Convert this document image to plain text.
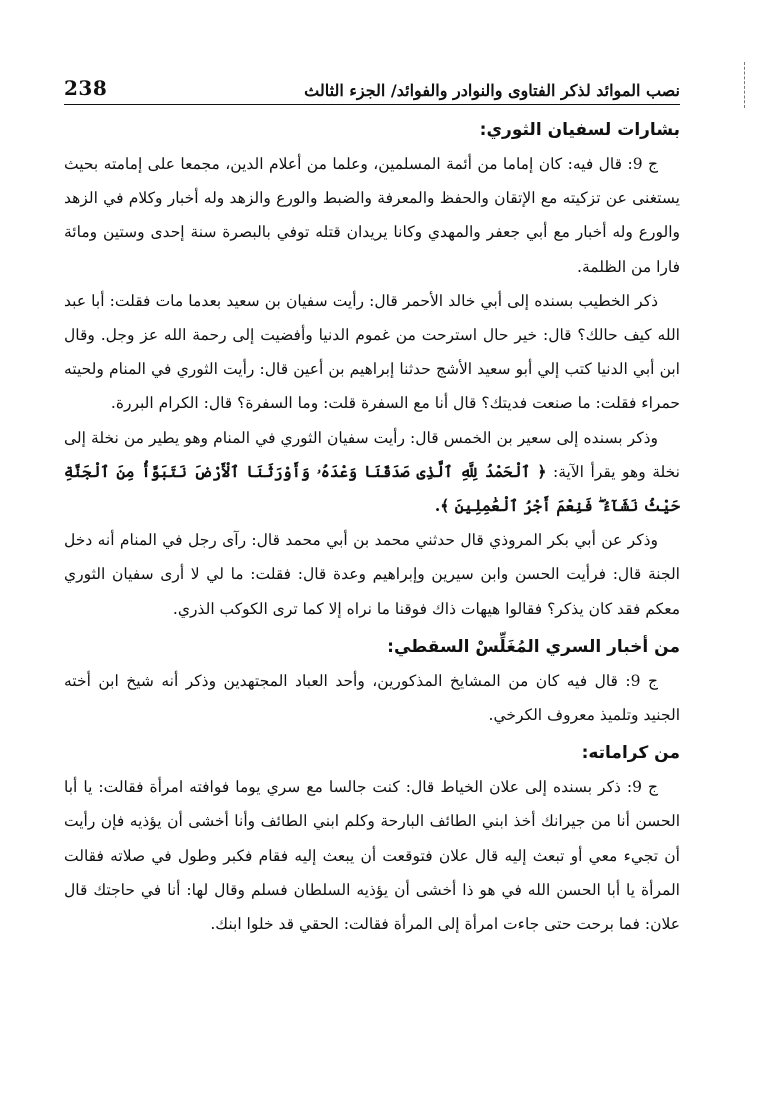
نصب الموائد لذكر الفتاوى والنوادر والفوائد/ الجزء الثالث
238
بشارات لسفيان الثوري:

ج 9: قال فيه: كان إماما من أئمة المسلمين، وعلما من أعلام الدين، مجمعا على إمامته بحيث يستغنى عن تزكيته مع الإتقان والحفظ والمعرفة والضبط والورع والزهد وله أخبار وكلام في الزهد والورع وله أخبار مع أبي جعفر والمهدي وكانا يريدان قتله توفي بالبصرة سنة إحدى وستين ومائة فارا من الظلمة.

ذكر الخطيب بسنده إلى أبي خالد الأحمر قال: رأيت سفيان بن سعيد بعدما مات فقلت: أبا عبد الله كيف حالك؟ قال: خير حال استرحت من غموم الدنيا وأفضيت إلى رحمة الله عز وجل. وقال ابن أبي الدنيا كتب إلي أبو سعيد الأشج حدثنا إبراهيم بن أعين قال: رأيت الثوري في المنام ولحيته حمراء فقلت: ما صنعت فديتك؟ قال أنا مع السفرة قلت: وما السفرة؟ قال: الكرام البررة.

وذكر بسنده إلى سعير بن الخمس قال: رأيت سفيان الثوري في المنام وهو يطير من نخلة إلى نخلة وهو يقرأ الآية: ﴿ ٱلْحَمْدُ لِلَّهِ ٱلَّذِى صَدَقَنَا وَعْدَهُۥ وَأَوْرَثَنَا ٱلْأَرْضَ نَتَبَوَّأُ مِنَ ٱلْجَنَّةِ حَيْثُ نَشَآءُ ۖ فَنِعْمَ أَجْرُ ٱلْعَٰمِلِينَ ﴾.

وذكر عن أبي بكر المروذي قال حدثني محمد بن أبي محمد قال: رآى رجل في المنام أنه دخل الجنة قال: فرأيت الحسن وابن سيرين وإبراهيم وعدة قال: فقلت: ما لي لا أرى سفيان الثوري معكم فقد كان يذكر؟ فقالوا هيهات ذاك فوقنا ما نراه إلا كما ترى الكوكب الذري.

من أخبار السري المُغَلِّسْ السقطي:

ج 9: قال فيه كان من المشايخ المذكورين، وأحد العباد المجتهدين وذكر أنه شيخ ابن أخته الجنيد وتلميذ معروف الكرخي.

من كراماته:

ج 9: ذكر بسنده إلى علان الخياط قال: كنت جالسا مع سري يوما فوافته امرأة فقالت: يا أبا الحسن أنا من جيرانك أخذ ابني الطائف البارحة وكلم ابني الطائف وأنا أخشى أن يؤذيه فإن رأيت أن تجيء معي أو تبعث إليه قال علان فتوقعت أن يبعث إليه فقام فكبر وطول في صلاته فقالت المرأة يا أبا الحسن الله في هو ذا أخشى أن يؤذيه السلطان فسلم وقال لها: أنا في حاجتك قال علان: فما برحت حتى جاءت امرأة إلى المرأة فقالت: الحقي قد خلوا ابنك.
